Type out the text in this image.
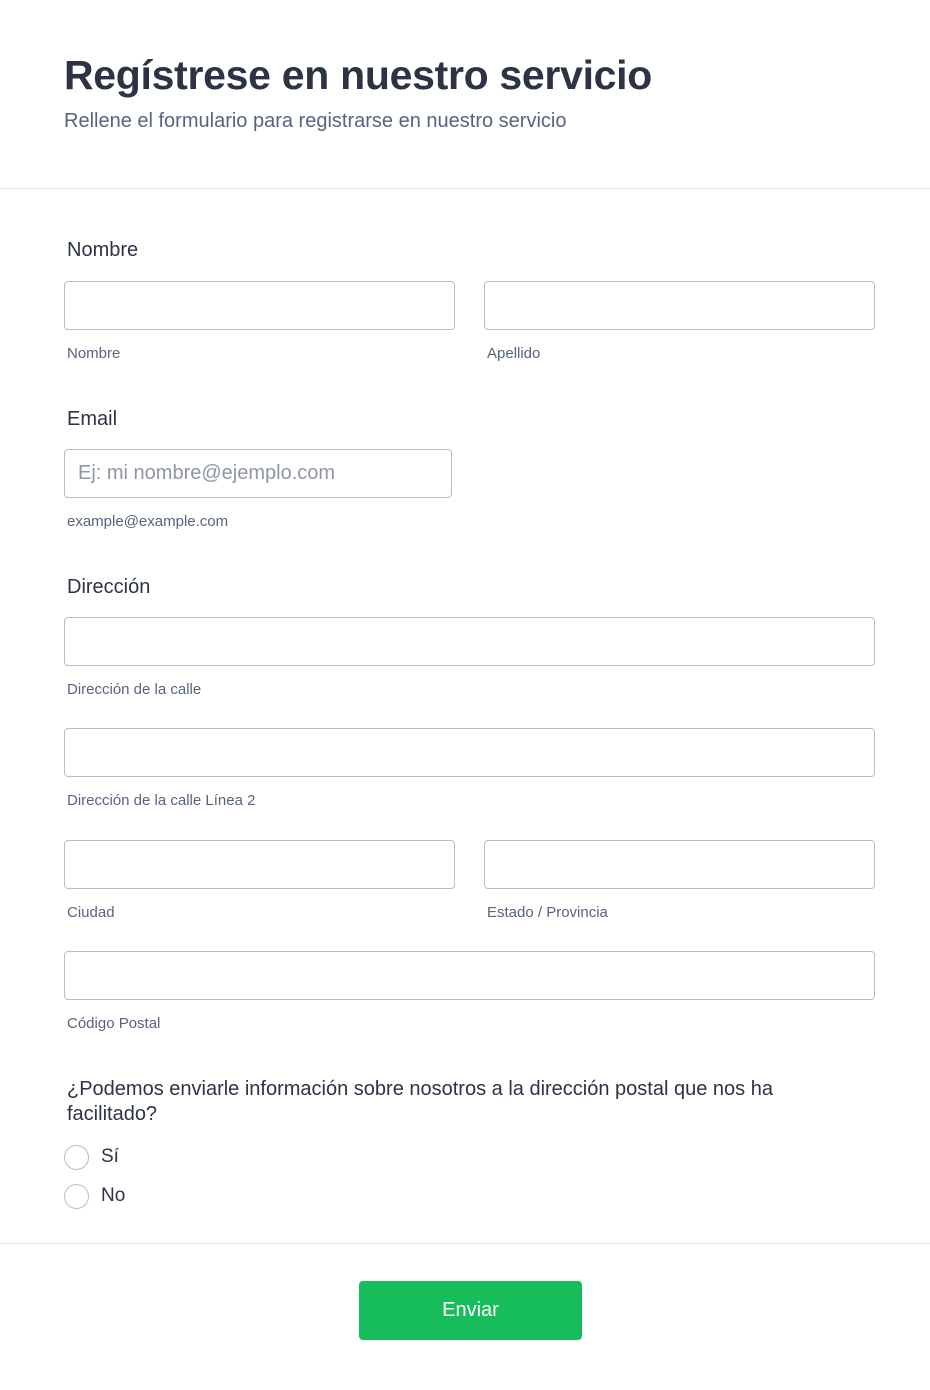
Regístrese en nuestro servicio

Rellene el formulario para registrarse en nuestro servicio

Nombre
Nombre	Apellido
Email
Ej: mi nombre@ejemplo.com
example@example.com
Dirección
Dirección de la calle
Dirección de la calle Línea 2
Ciudad	Estado / Provincia
Código Postal
¿Podemos enviarle información sobre nosotros a la dirección postal que nos ha facilitado?
Sí
No
Enviar
